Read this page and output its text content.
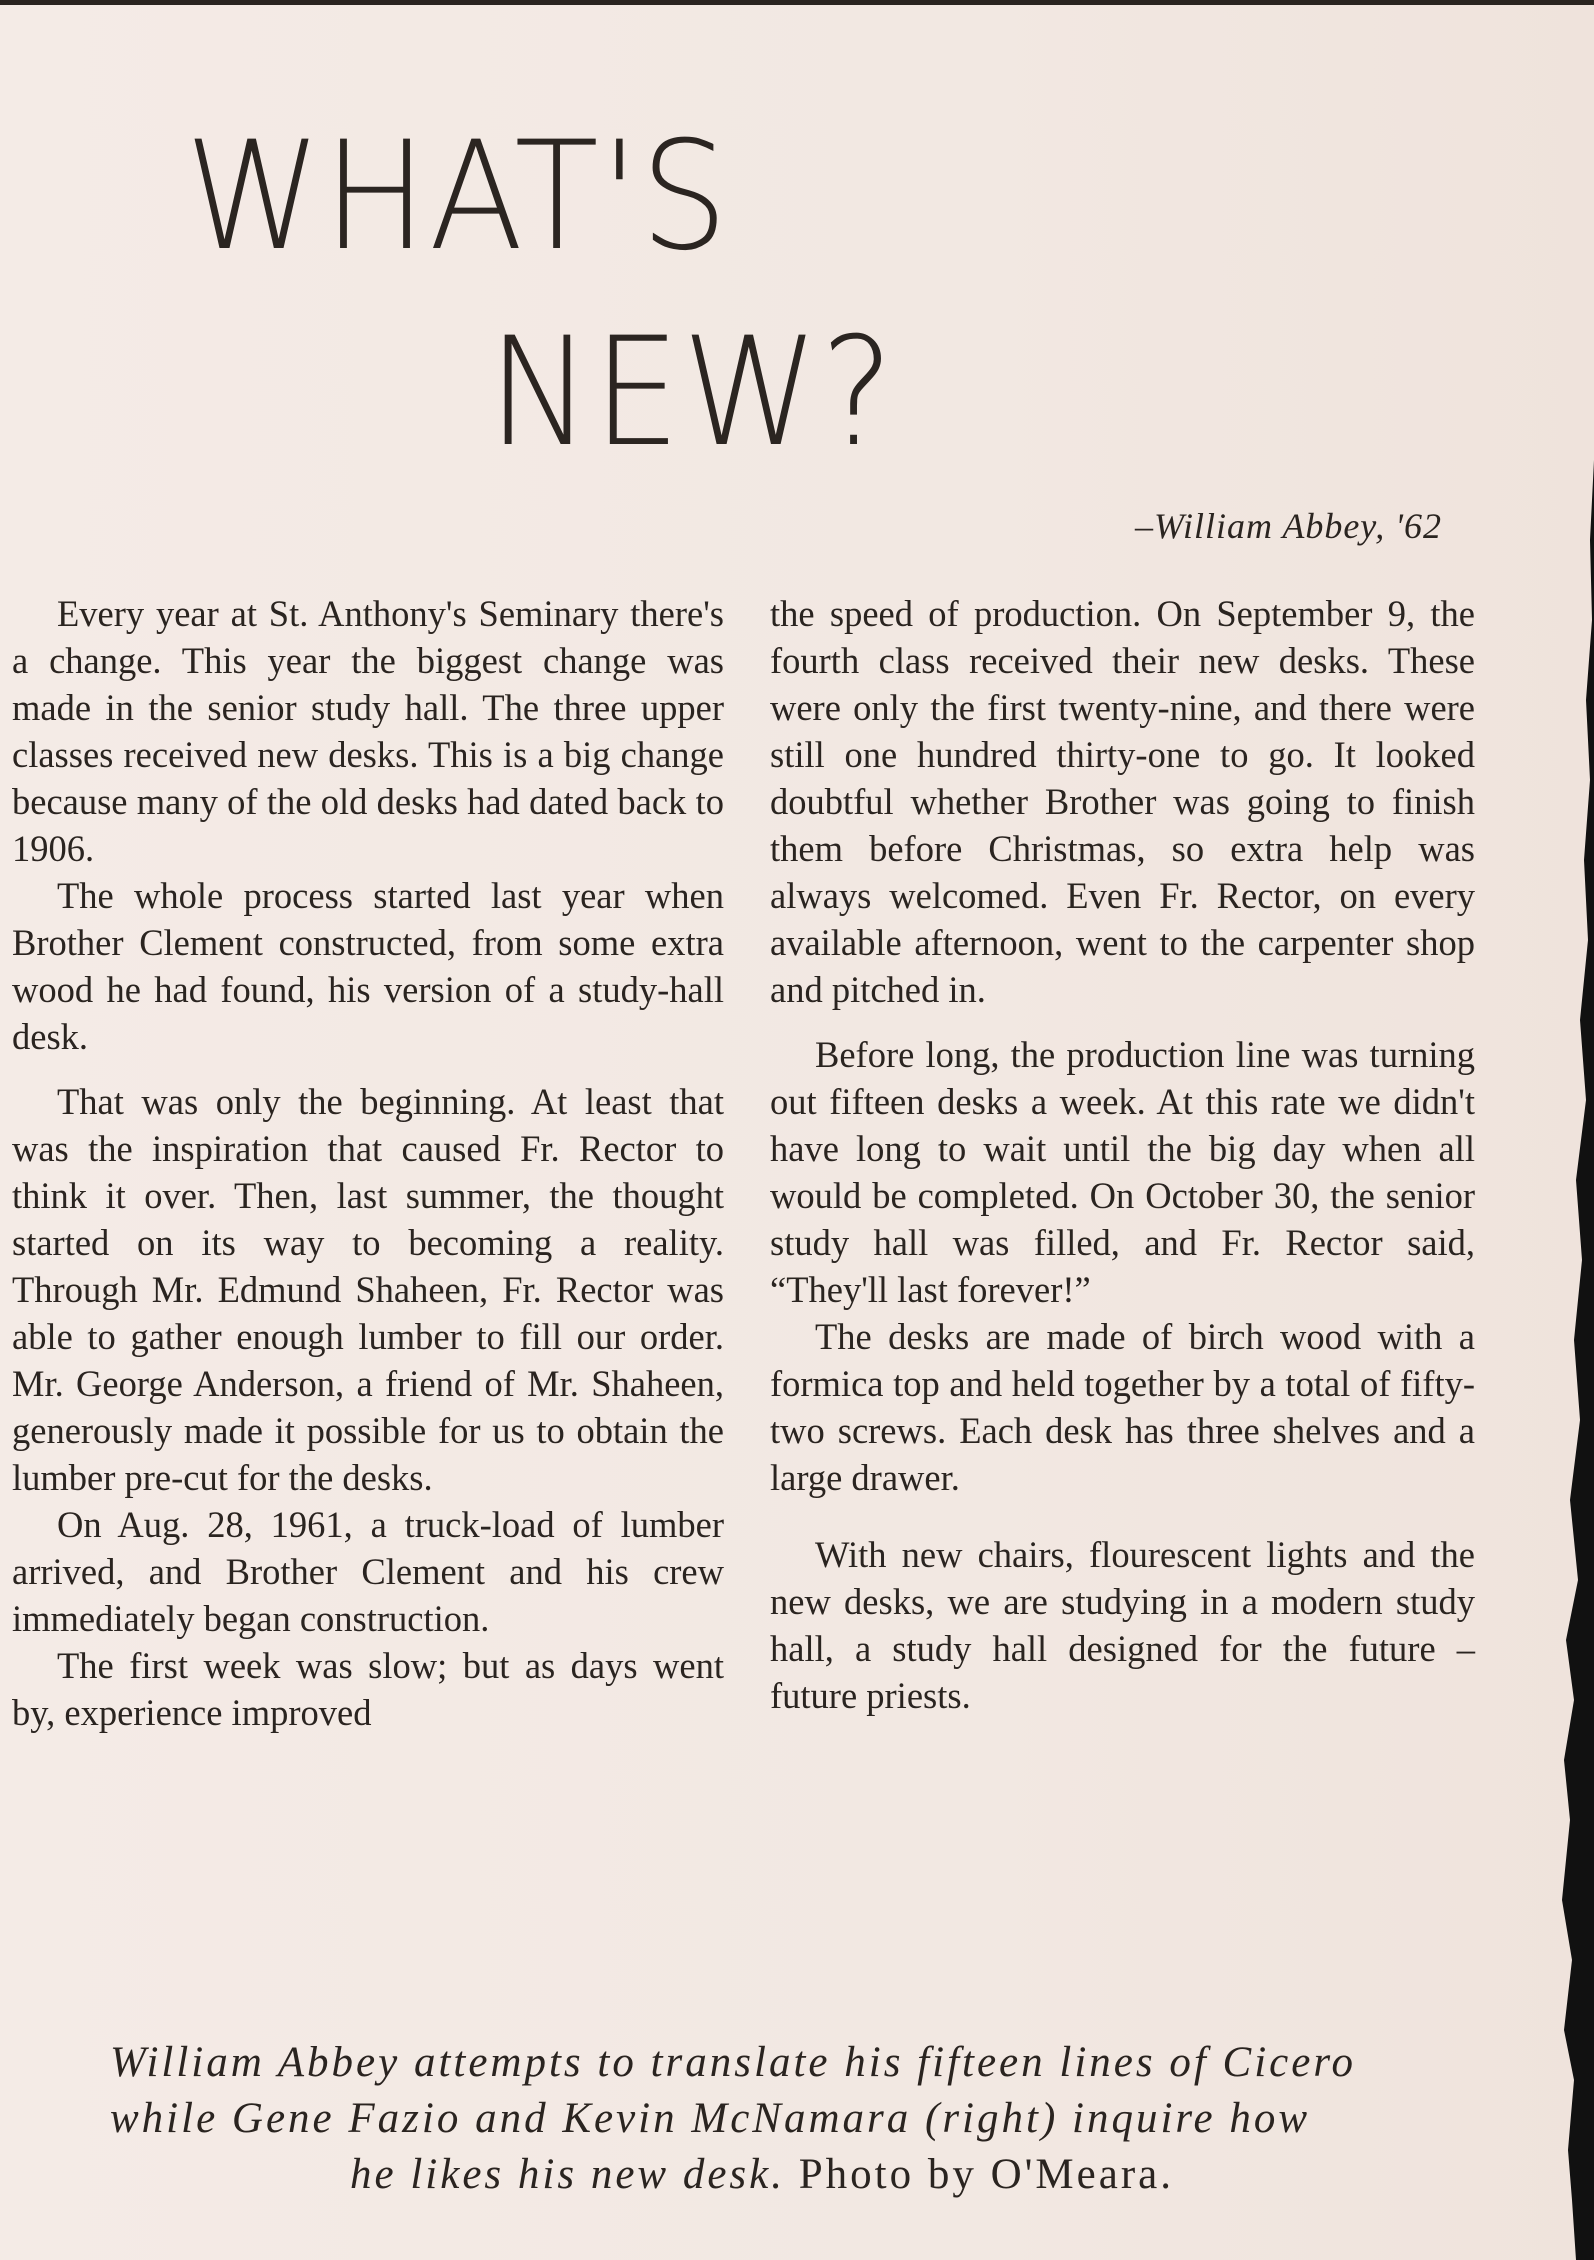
WHAT'S
NEW?
–William Abbey, '62

Every year at St. Anthony's Seminary there's a change. This year the biggest change was made in the senior study hall. The three upper classes received new desks. This is a big change because many of the old desks had dated back to 1906.

The whole process started last year when Brother Clement constructed, from some extra wood he had found, his version of a study-hall desk.

That was only the beginning. At least that was the inspiration that caused Fr. Rector to think it over. Then, last summer, the thought started on its way to becoming a reality. Through Mr. Edmund Shaheen, Fr. Rector was able to gather enough lumber to fill our order. Mr. George Anderson, a friend of Mr. Shaheen, generously made it possible for us to obtain the lumber pre-cut for the desks.

On Aug. 28, 1961, a truck-load of lumber arrived, and Brother Clement and his crew immediately began construction.

The first week was slow; but as days went by, experience improved

the speed of production. On September 9, the fourth class received their new desks. These were only the first twenty-nine, and there were still one hundred thirty-one to go. It looked doubtful whether Brother was going to finish them before Christmas, so extra help was always welcomed. Even Fr. Rector, on every available afternoon, went to the carpenter shop and pitched in.

Before long, the production line was turning out fifteen desks a week. At this rate we didn't have long to wait until the big day when all would be completed. On October 30, the senior study hall was filled, and Fr. Rector said, “They'll last forever!”

The desks are made of birch wood with a formica top and held together by a total of fifty-two screws. Each desk has three shelves and a large drawer.

With new chairs, flourescent lights and the new desks, we are studying in a modern study hall, a study hall designed for the future – future priests.

William Abbey attempts to translate his fifteen lines of Cicero
while Gene Fazio and Kevin McNamara (right) inquire how
he likes his new desk. Photo by O'Meara.
